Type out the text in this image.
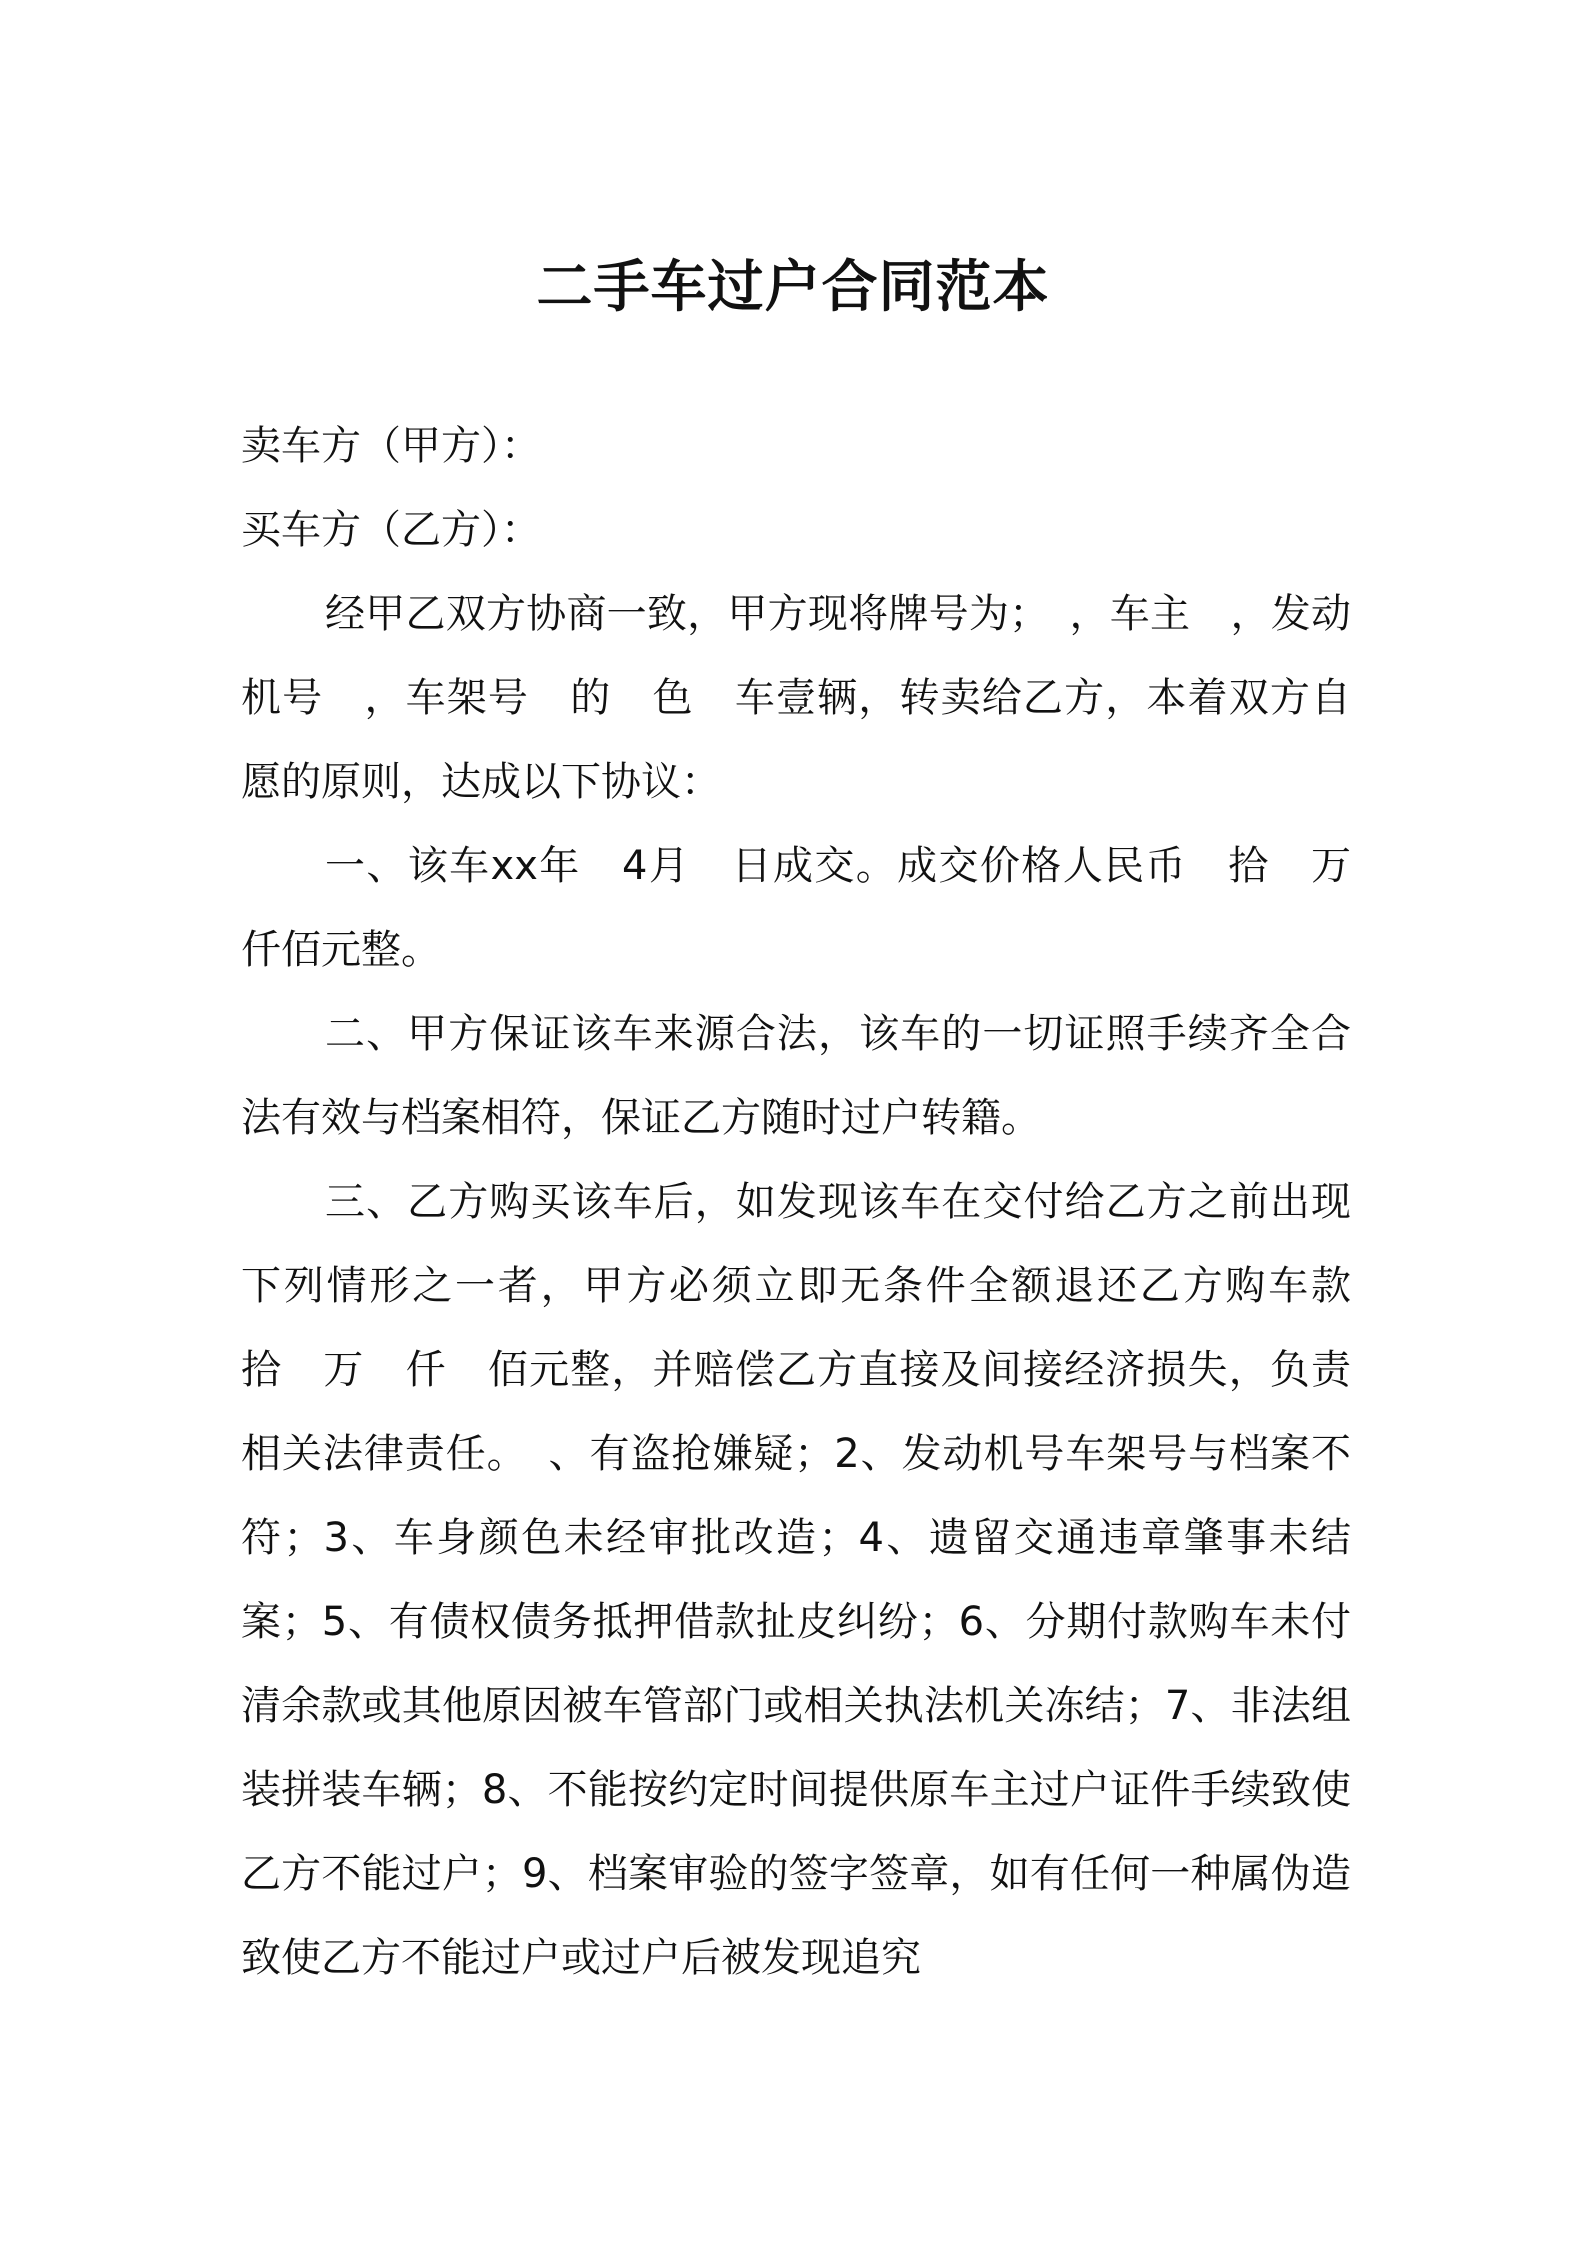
二手车过户合同范本

卖车方（甲方）：

买车方（乙方）：

经甲乙双方协商一致，甲方现将牌号为；　，车主　，发动机号　，车架号　的　色　车壹辆，转卖给乙方，本着双方自愿的原则，达成以下协议：

一、该车xx年　4月　日成交。成交价格人民币　拾　万　仟佰元整。

二、甲方保证该车来源合法，该车的一切证照手续齐全合法有效与档案相符，保证乙方随时过户转籍。

三、乙方购买该车后，如发现该车在交付给乙方之前出现下列情形之一者，甲方必须立即无条件全额退还乙方购车款　拾　万　仟　佰元整，并赔偿乙方直接及间接经济损失，负责相关法律责任。　、有盗抢嫌疑；2、发动机号车架号与档案不符；3、车身颜色未经审批改造；4、遗留交通违章肇事未结案；5、有债权债务抵押借款扯皮纠纷；6、分期付款购车未付清余款或其他原因被车管部门或相关执法机关冻结；7、非法组装拼装车辆；8、不能按约定时间提供原车主过户证件手续致使乙方不能过户；9、档案审验的签字签章，如有任何一种属伪造致使乙方不能过户或过户后被发现追究
